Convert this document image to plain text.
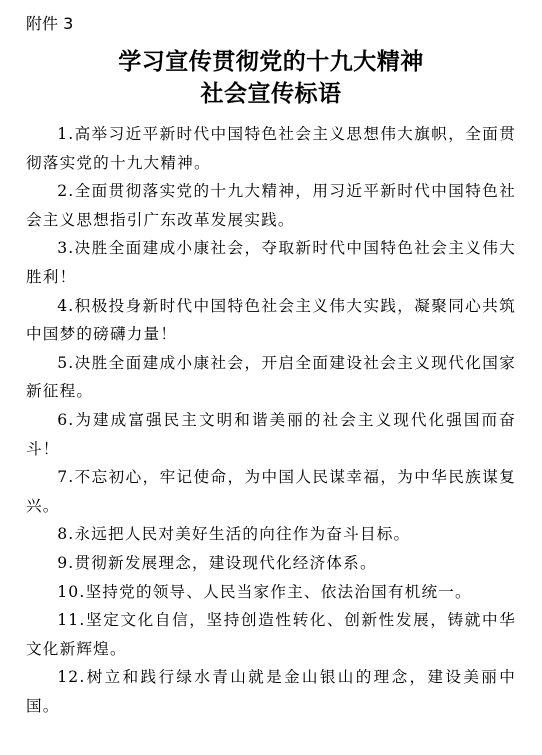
附件 3
学习宣传贯彻党的十九大精神
社会宣传标语

1.高举习近平新时代中国特色社会主义思想伟大旗帜，全面贯彻落实党的十九大精神。

2.全面贯彻落实党的十九大精神，用习近平新时代中国特色社会主义思想指引广东改革发展实践。

3.决胜全面建成小康社会，夺取新时代中国特色社会主义伟大胜利！

4.积极投身新时代中国特色社会主义伟大实践，凝聚同心共筑中国梦的磅礴力量！

5.决胜全面建成小康社会，开启全面建设社会主义现代化国家新征程。

6.为建成富强民主文明和谐美丽的社会主义现代化强国而奋斗！

7.不忘初心，牢记使命，为中国人民谋幸福，为中华民族谋复兴。

8.永远把人民对美好生活的向往作为奋斗目标。

9.贯彻新发展理念，建设现代化经济体系。

10.坚持党的领导、人民当家作主、依法治国有机统一。

11.坚定文化自信，坚持创造性转化、创新性发展，铸就中华文化新辉煌。

12.树立和践行绿水青山就是金山银山的理念，建设美丽中国。
